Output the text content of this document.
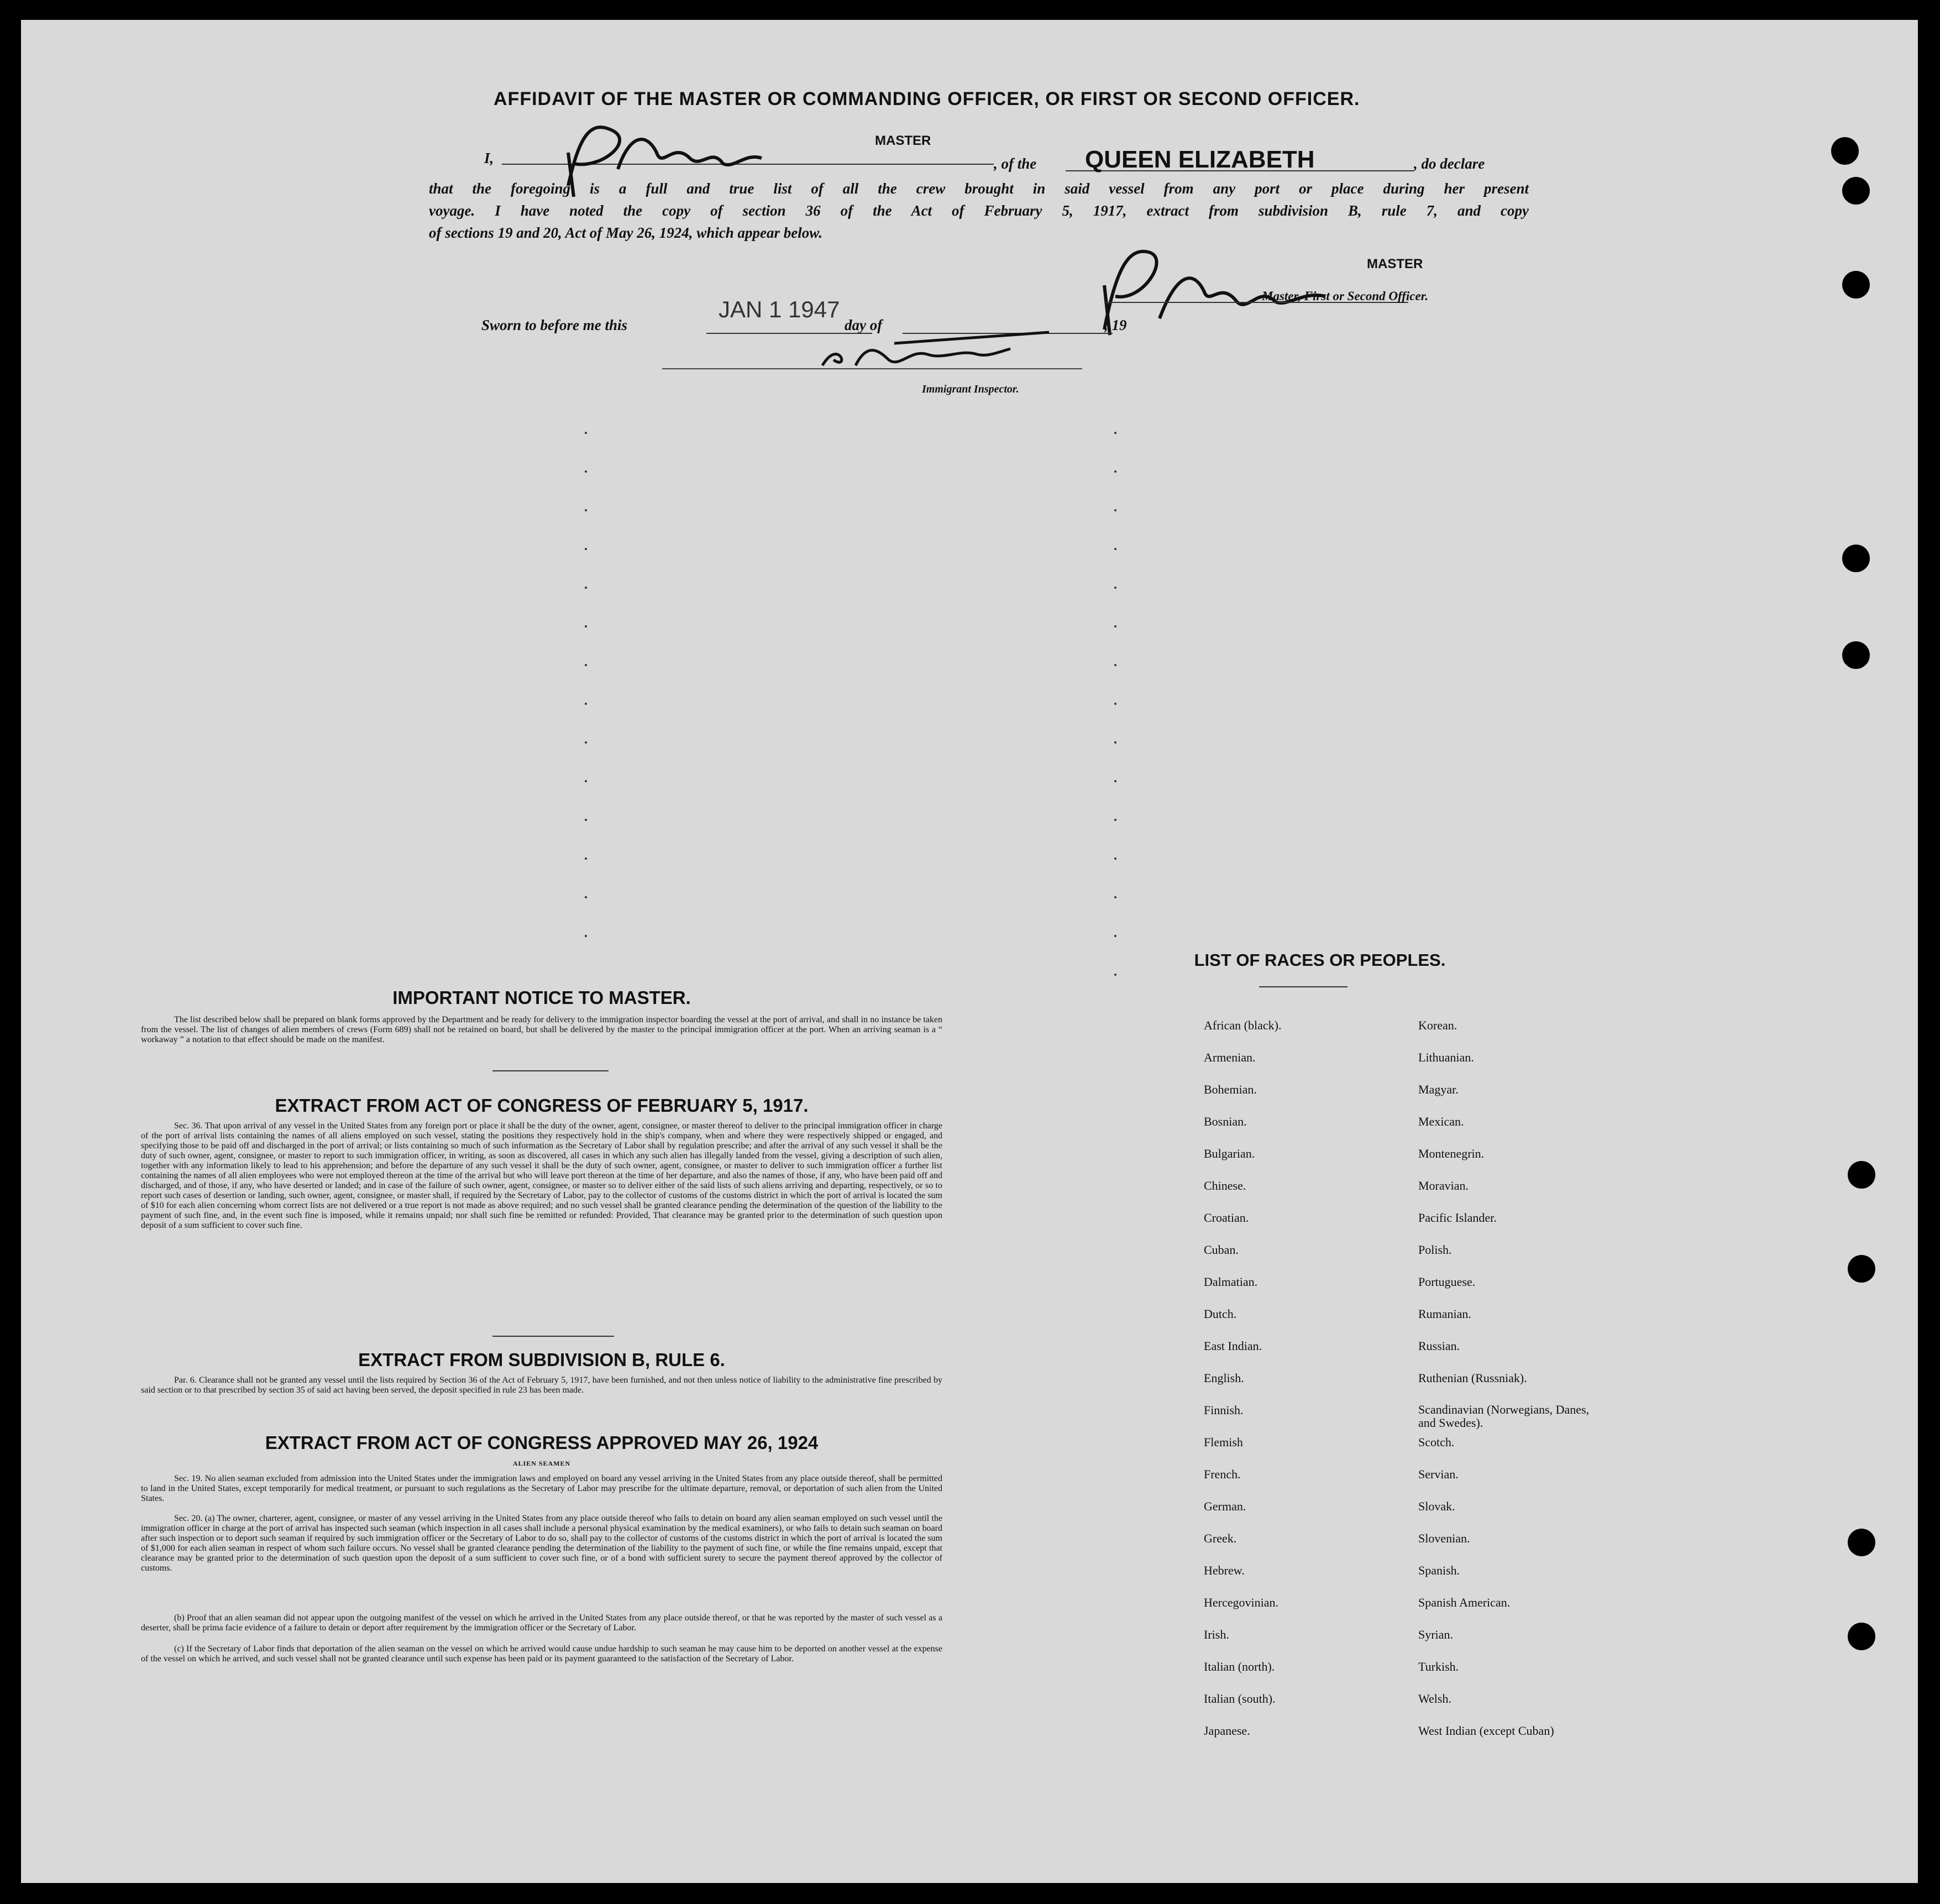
AFFIDAVIT OF THE MASTER OR COMMANDING OFFICER, OR FIRST OR SECOND OFFICER.
I,
MASTER
, of the QUEEN ELIZABETH	, do declare
that the foregoing is a full and true list of all the crew brought in said vessel from any port or place during her present
voyage. I have noted the copy of section 36 of the Act of February 5, 1917, extract from subdivision B, rule 7, and copy
of sections 19 and 20, Act of May 26, 1924, which appear below.
MASTER
Master, First or Second Officer.
Sworn to before me this
JAN 1 1947
day of	, 19
Immigrant Inspector.
IMPORTANT NOTICE TO MASTER.
The list described below shall be prepared on blank forms approved by the Department and be ready for delivery to the immigration inspector boarding the vessel at the port of arrival, and shall in no instance be taken from the vessel. The list of changes of alien members of crews (Form 689) shall not be retained on board, but shall be delivered by the master to the principal immigration officer at the port. When an arriving seaman is a “ workaway ” a notation to that effect should be made on the manifest.
EXTRACT FROM ACT OF CONGRESS OF FEBRUARY 5, 1917.
Sec. 36. That upon arrival of any vessel in the United States from any foreign port or place it shall be the duty of the owner, agent, consignee, or master thereof to deliver to the principal immigration officer in charge of the port of arrival lists containing the names of all aliens employed on such vessel, stating the positions they respectively hold in the ship's company, when and where they were respectively shipped or engaged, and specifying those to be paid off and discharged in the port of arrival; or lists containing so much of such information as the Secretary of Labor shall by regulation prescribe; and after the arrival of any such vessel it shall be the duty of such owner, agent, consignee, or master to report to such immigration officer, in writing, as soon as discovered, all cases in which any such alien has illegally landed from the vessel, giving a description of such alien, together with any information likely to lead to his apprehension; and before the departure of any such vessel it shall be the duty of such owner, agent, consignee, or master to deliver to such immigration officer a further list containing the names of all alien employees who were not employed thereon at the time of the arrival but who will leave port thereon at the time of her departure, and also the names of those, if any, who have been paid off and discharged, and of those, if any, who have deserted or landed; and in case of the failure of such owner, agent, consignee, or master so to deliver either of the said lists of such aliens arriving and departing, respectively, or so to report such cases of desertion or landing, such owner, agent, consignee, or master shall, if required by the Secretary of Labor, pay to the collector of customs of the customs district in which the port of arrival is located the sum of $10 for each alien concerning whom correct lists are not delivered or a true report is not made as above required; and no such vessel shall be granted clearance pending the determination of the question of the liability to the payment of such fine, and, in the event such fine is imposed, while it remains unpaid; nor shall such fine be remitted or refunded: Provided, That clearance may be granted prior to the determination of such question upon deposit of a sum sufficient to cover such fine.
EXTRACT FROM SUBDIVISION B, RULE 6.
Par. 6. Clearance shall not be granted any vessel until the lists required by Section 36 of the Act of February 5, 1917, have been furnished, and not then unless notice of liability to the administrative fine prescribed by said section or to that prescribed by section 35 of said act having been served, the deposit specified in rule 23 has been made.
EXTRACT FROM ACT OF CONGRESS APPROVED MAY 26, 1924
ALIEN SEAMEN
Sec. 19. No alien seaman excluded from admission into the United States under the immigration laws and employed on board any vessel arriving in the United States from any place outside thereof, shall be permitted to land in the United States, except temporarily for medical treatment, or pursuant to such regulations as the Secretary of Labor may prescribe for the ultimate departure, removal, or deportation of such alien from the United States.
Sec. 20. (a) The owner, charterer, agent, consignee, or master of any vessel arriving in the United States from any place outside thereof who fails to detain on board any alien seaman employed on such vessel until the immigration officer in charge at the port of arrival has inspected such seaman (which inspection in all cases shall include a personal physical examination by the medical examiners), or who fails to detain such seaman on board after such inspection or to deport such seaman if required by such immigration officer or the Secretary of Labor to do so, shall pay to the collector of customs of the customs district in which the port of arrival is located the sum of $1,000 for each alien seaman in respect of whom such failure occurs. No vessel shall be granted clearance pending the determination of the liability to the payment of such fine, or while the fine remains unpaid, except that clearance may be granted prior to the determination of such question upon the deposit of a sum sufficient to cover such fine, or of a bond with sufficient surety to secure the payment thereof approved by the collector of customs.
(b) Proof that an alien seaman did not appear upon the outgoing manifest of the vessel on which he arrived in the United States from any place outside thereof, or that he was reported by the master of such vessel as a deserter, shall be prima facie evidence of a failure to detain or deport after requirement by the immigration officer or the Secretary of Labor.
(c) If the Secretary of Labor finds that deportation of the alien seaman on the vessel on which he arrived would cause undue hardship to such seaman he may cause him to be deported on another vessel at the expense of the vessel on which he arrived, and such vessel shall not be granted clearance until such expense has been paid or its payment guaranteed to the satisfaction of the Secretary of Labor.
LIST OF RACES OR PEOPLES.
African (black).
Armenian.
Bohemian.
Bosnian.
Bulgarian.
Chinese.
Croatian.
Cuban.
Dalmatian.
Dutch.
East Indian.
English.
Finnish.
Flemish
French.
German.
Greek.
Hebrew.
Hercegovinian.
Irish.
Italian (north).
Italian (south).
Japanese.
Korean.
Lithuanian.
Magyar.
Mexican.
Montenegrin.
Moravian.
Pacific Islander.
Polish.
Portuguese.
Rumanian.
Russian.
Ruthenian (Russniak).
Scandinavian (Norwegians, Danes, and Swedes).
Scotch.
Servian.
Slovak.
Slovenian.
Spanish.
Spanish American.
Syrian.
Turkish.
Welsh.
West Indian (except Cuban)
